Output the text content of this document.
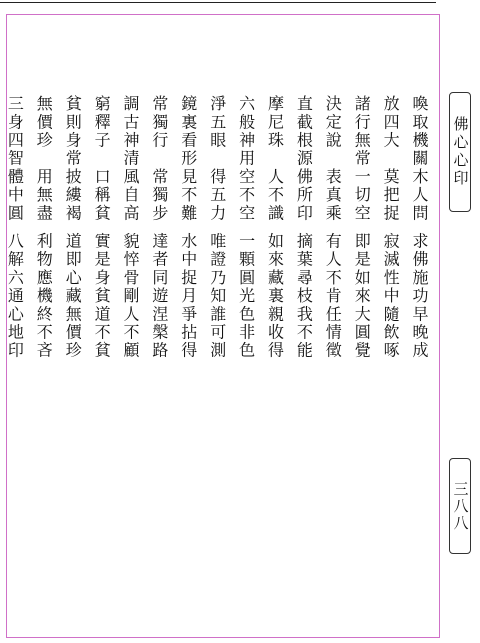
喚取機關木人問求佛施功早晚成
放四大　莫把捉寂滅性中隨飲啄
諸行無常一切空即是如來大圓覺
決定說　表真乘有人不肯任情徵
直截根源佛所印摘葉尋枝我不能
摩尼珠　人不識如來藏裏親收得
六般神用空不空一顆圓光色非色
淨五眼　得五力唯證乃知誰可測
鏡裏看形見不難水中捉月爭拈得
常獨行　常獨步達者同遊涅槃路
調古神清風自高貌悴骨剛人不顧
窮釋子　口稱貧實是身貧道不貧
貧則身常披縷褐道即心藏無價珍
無價珍　用無盡利物應機終不吝
三身四智體中圓八解六通心地印
佛心心印
三八八
